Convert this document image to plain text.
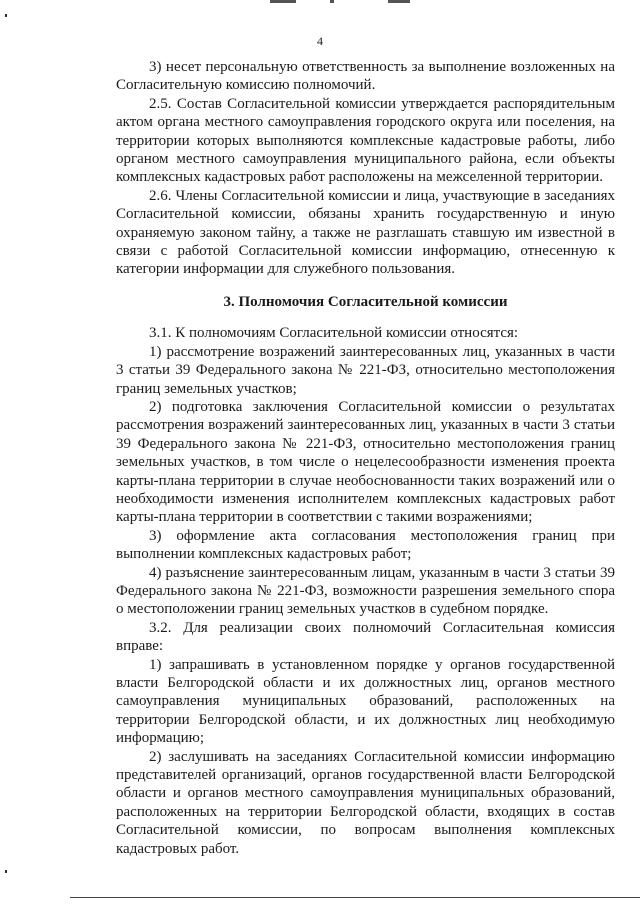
4

3) несет персональную ответственность за выполнение возложенных на Согласительную комиссию полномочий.

2.5. Состав Согласительной комиссии утверждается распорядительным актом органа местного самоуправления городского округа или поселения, на территории которых выполняются комплексные кадастровые работы, либо органом местного самоуправления муниципального района, если объекты комплексных кадастровых работ расположены на межселенной территории.

2.6. Члены Согласительной комиссии и лица, участвующие в заседаниях Согласительной комиссии, обязаны хранить государственную и иную охраняемую законом тайну, а также не разглашать ставшую им известной в связи с работой Согласительной комиссии информацию, отнесенную к категории информации для служебного пользования.

3. Полномочия Согласительной комиссии

3.1. К полномочиям Согласительной комиссии относятся:

1) рассмотрение возражений заинтересованных лиц, указанных в части 3 статьи 39 Федерального закона № 221-ФЗ, относительно местоположения границ земельных участков;

2) подготовка заключения Согласительной комиссии о результатах рассмотрения возражений заинтересованных лиц, указанных в части 3 статьи 39 Федерального закона № 221-ФЗ, относительно местоположения границ земельных участков, в том числе о нецелесообразности изменения проекта карты-плана территории в случае необоснованности таких возражений или о необходимости изменения исполнителем комплексных кадастровых работ карты-плана территории в соответствии с такими возражениями;

3) оформление акта согласования местоположения границ при выполнении комплексных кадастровых работ;

4) разъяснение заинтересованным лицам, указанным в части 3 статьи 39 Федерального закона № 221-ФЗ, возможности разрешения земельного спора о местоположении границ земельных участков в судебном порядке.

3.2. Для реализации своих полномочий Согласительная комиссия вправе:

1) запрашивать в установленном порядке у органов государственной власти Белгородской области и их должностных лиц, органов местного самоуправления муниципальных образований, расположенных на территории Белгородской области, и их должностных лиц необходимую информацию;

2) заслушивать на заседаниях Согласительной комиссии информацию представителей организаций, органов государственной власти Белгородской области и органов местного самоуправления муниципальных образований, расположенных на территории Белгородской области, входящих в состав Согласительной комиссии, по вопросам выполнения комплексных кадастровых работ.
